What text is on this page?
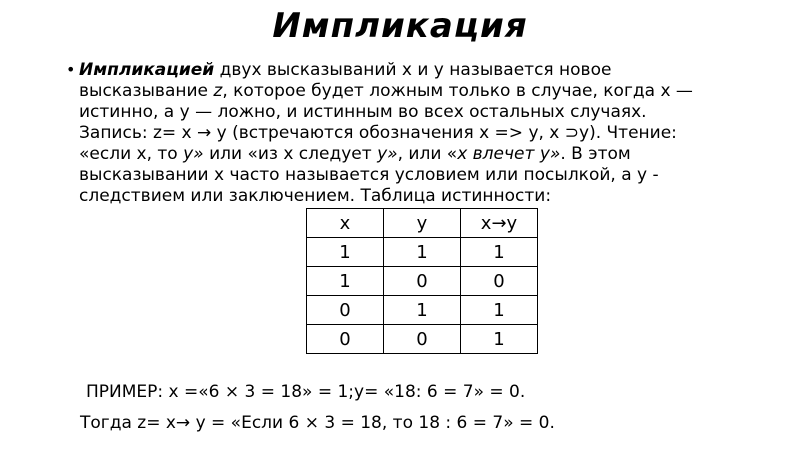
Импликация
• Импликацией двух высказываний x и y называется новое высказывание z, которое будет ложным только в случае, когда x — истинно, а y — ложно, и истинным во всех остальных случаях. Запись: z= x → y (встречаются обозначения x => y, x ⊃y). Чтение: «если x, то y» или «из x следует y», или «x влечет y». В этом высказывании x часто называется условием или посылкой, а y - следствием или заключением. Таблица истинности:
x	y	x→y
1	1	1
1	0	0
0	1	1
0	0	1
ПРИМЕР: x =«6 × 3 = 18» = 1;y= «18: 6 = 7» = 0.
Тогда z= x→ y = «Если 6 × 3 = 18, то 18 : 6 = 7» = 0.
